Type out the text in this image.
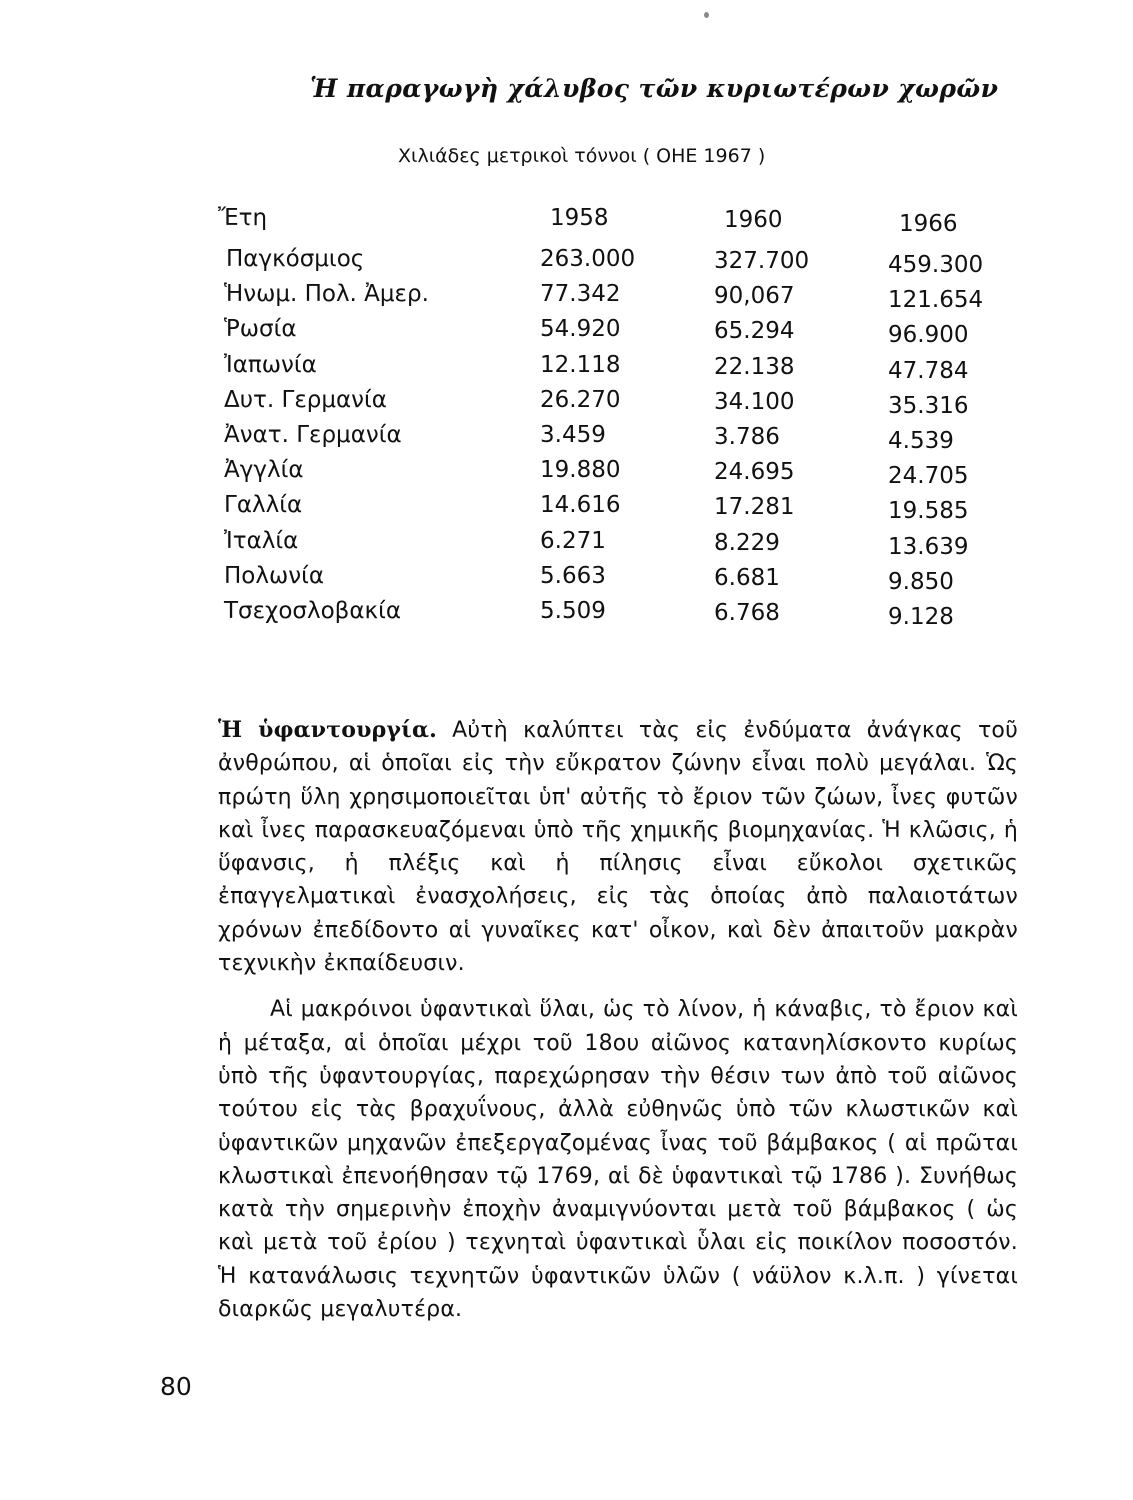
Ἡ παραγωγὴ χάλυβος τῶν κυριωτέρων χωρῶν
Χιλιάδες μετρικοὶ τόννοι ( ΟΗΕ 1967 )
Ἔτη	1958	1960	1966
Παγκόσμιος	263.000	327.700	459.300
Ἡνωμ. Πολ. Ἀμερ.	77.342	90,067	121.654
Ῥωσία	54.920	65.294	96.900
Ἰαπωνία	12.118	22.138	47.784
Δυτ. Γερμανία	26.270	34.100	35.316
Ἀνατ. Γερμανία	3.459	3.786	4.539
Ἀγγλία	19.880	24.695	24.705
Γαλλία	14.616	17.281	19.585
Ἰταλία	6.271	8.229	13.639
Πολωνία	5.663	6.681	9.850
Τσεχοσλοβακία	5.509	6.768	9.128

Ἡ ὑφαντουργία. Αὐτὴ καλύπτει τὰς εἰς ἐνδύματα ἀνάγκας τοῦ ἀνθρώπου, αἱ ὁποῖαι εἰς τὴν εὔκρατον ζώνην εἶναι πολὺ μεγάλαι. Ὡς πρώτη ὕλη χρησιμοποιεῖται ὑπ' αὐτῆς τὸ ἔριον τῶν ζώων, ἶνες φυτῶν καὶ ἶνες παρασκευαζόμεναι ὑπὸ τῆς χημικῆς βιομηχανίας. Ἡ κλῶσις, ἡ ὕφανσις, ἡ πλέξις καὶ ἡ πίλησις εἶναι εὔκολοι σχετικῶς ἐπαγγελματικαὶ ἐνασχολήσεις, εἰς τὰς ὁποίας ἀπὸ παλαιοτάτων χρόνων ἐπεδίδοντο αἱ γυναῖκες κατ' οἶκον, καὶ δὲν ἀπαιτοῦν μακρὰν τεχνικὴν ἐκπαίδευσιν.

Αἱ μακρόινοι ὑφαντικαὶ ὕλαι, ὡς τὸ λίνον, ἡ κάναβις, τὸ ἔριον καὶ ἡ μέταξα, αἱ ὁποῖαι μέχρι τοῦ 18ου αἰῶνος κατανηλίσκοντο κυρίως ὑπὸ τῆς ὑφαντουργίας, παρεχώρησαν τὴν θέσιν των ἀπὸ τοῦ αἰῶνος τούτου εἰς τὰς βραχυΐνους, ἀλλὰ εὐθηνῶς ὑπὸ τῶν κλωστικῶν καὶ ὑφαντικῶν μηχανῶν ἐπεξεργαζομένας ἶνας τοῦ βάμβακος ( αἱ πρῶται κλωστικαὶ ἐπενοήθησαν τῷ 1769, αἱ δὲ ὑφαντικαὶ τῷ 1786 ). Συνήθως κατὰ τὴν σημερινὴν ἐποχὴν ἀναμιγνύονται μετὰ τοῦ βάμβακος ( ὡς καὶ μετὰ τοῦ ἐρίου ) τεχνηταὶ ὑφαντικαὶ ὗλαι εἰς ποικίλον ποσοστόν. Ἡ κατανάλωσις τεχνητῶν ὑφαντικῶν ὑλῶν ( νάϋλον κ.λ.π. ) γίνεται διαρκῶς μεγαλυτέρα.

80
